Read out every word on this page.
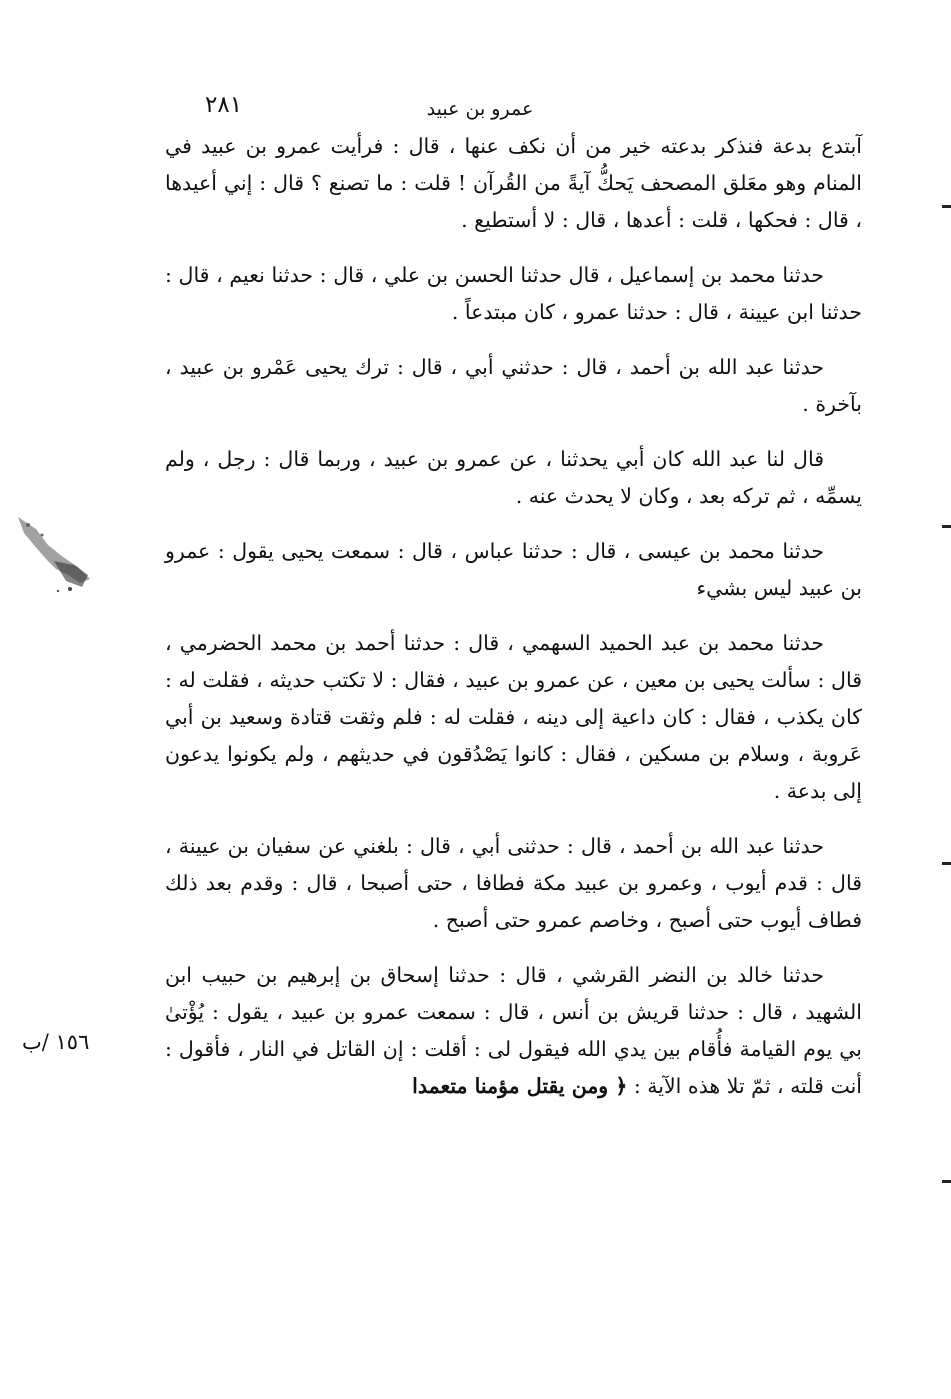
٢٨١	عمرو بن عبيد

آبتدع بدعة فنذكر بدعته خير من أن نكف عنها ، قال : فرأيت عمرو بن عبيد في المنام وهو معَلق المصحف يَحكُّ آيةً من القُرآن ! قلت : ما تصنع ؟ قال : إني أعيدها ، قال : فحكها ، قلت : أعدها ، قال : لا أستطيع .

حدثنا محمد بن إسماعيل ، قال حدثنا الحسن بن علي ، قال : حدثنا نعيم ، قال : حدثنا ابن عيينة ، قال : حدثنا عمرو ، كان مبتدعاً .

حدثنا عبد الله بن أحمد ، قال : حدثني أبي ، قال : ترك يحيى عَمْرو بن عبيد ، بآخرة .

قال لنا عبد الله كان أبي يحدثنا ، عن عمرو بن عبيد ، وربما قال : رجل ، ولم يسمِّه ، ثم تركه بعد ، وكان لا يحدث عنه .

حدثنا محمد بن عيسى ، قال : حدثنا عباس ، قال : سمعت يحيى يقول : عمرو بن عبيد ليس بشيء

حدثنا محمد بن عبد الحميد السهمي ، قال : حدثنا أحمد بن محمد الحضرمي ، قال : سألت يحيى بن معين ، عن عمرو بن عبيد ، فقال : لا تكتب حديثه ، فقلت له : كان يكذب ، فقال : كان داعية إلى دينه ، فقلت له : فلم وثقت قتادة وسعيد بن أبي عَروبة ، وسلام بن مسكين ، فقال : كانوا يَصْدُقون في حديثهم ، ولم يكونوا يدعون إلى بدعة .

حدثنا عبد الله بن أحمد ، قال : حدثنى أبي ، قال : بلغني عن سفيان بن عيينة ، قال : قدم أيوب ، وعمرو بن عبيد مكة فطافا ، حتى أصبحا ، قال : وقدم بعد ذلك فطاف أيوب حتى أصبح ، وخاصم عمرو حتى أصبح .

حدثنا خالد بن النضر القرشي ، قال : حدثنا إسحاق بن إبرهيم بن حبيب ابن الشهيد ، قال : حدثنا قريش بن أنس ، قال : سمعت عمرو بن عبيد ، يقول : يُؤْتىٰ بي يوم القيامة فأُقام بين يدي الله فيقول لى : أقلت : إن القاتل في النار ، فأقول : أنت قلته ، ثمّ تلا هذه الآية : ﴿ ومن يقتل مؤمنا متعمدا

١٥٦ /ب
